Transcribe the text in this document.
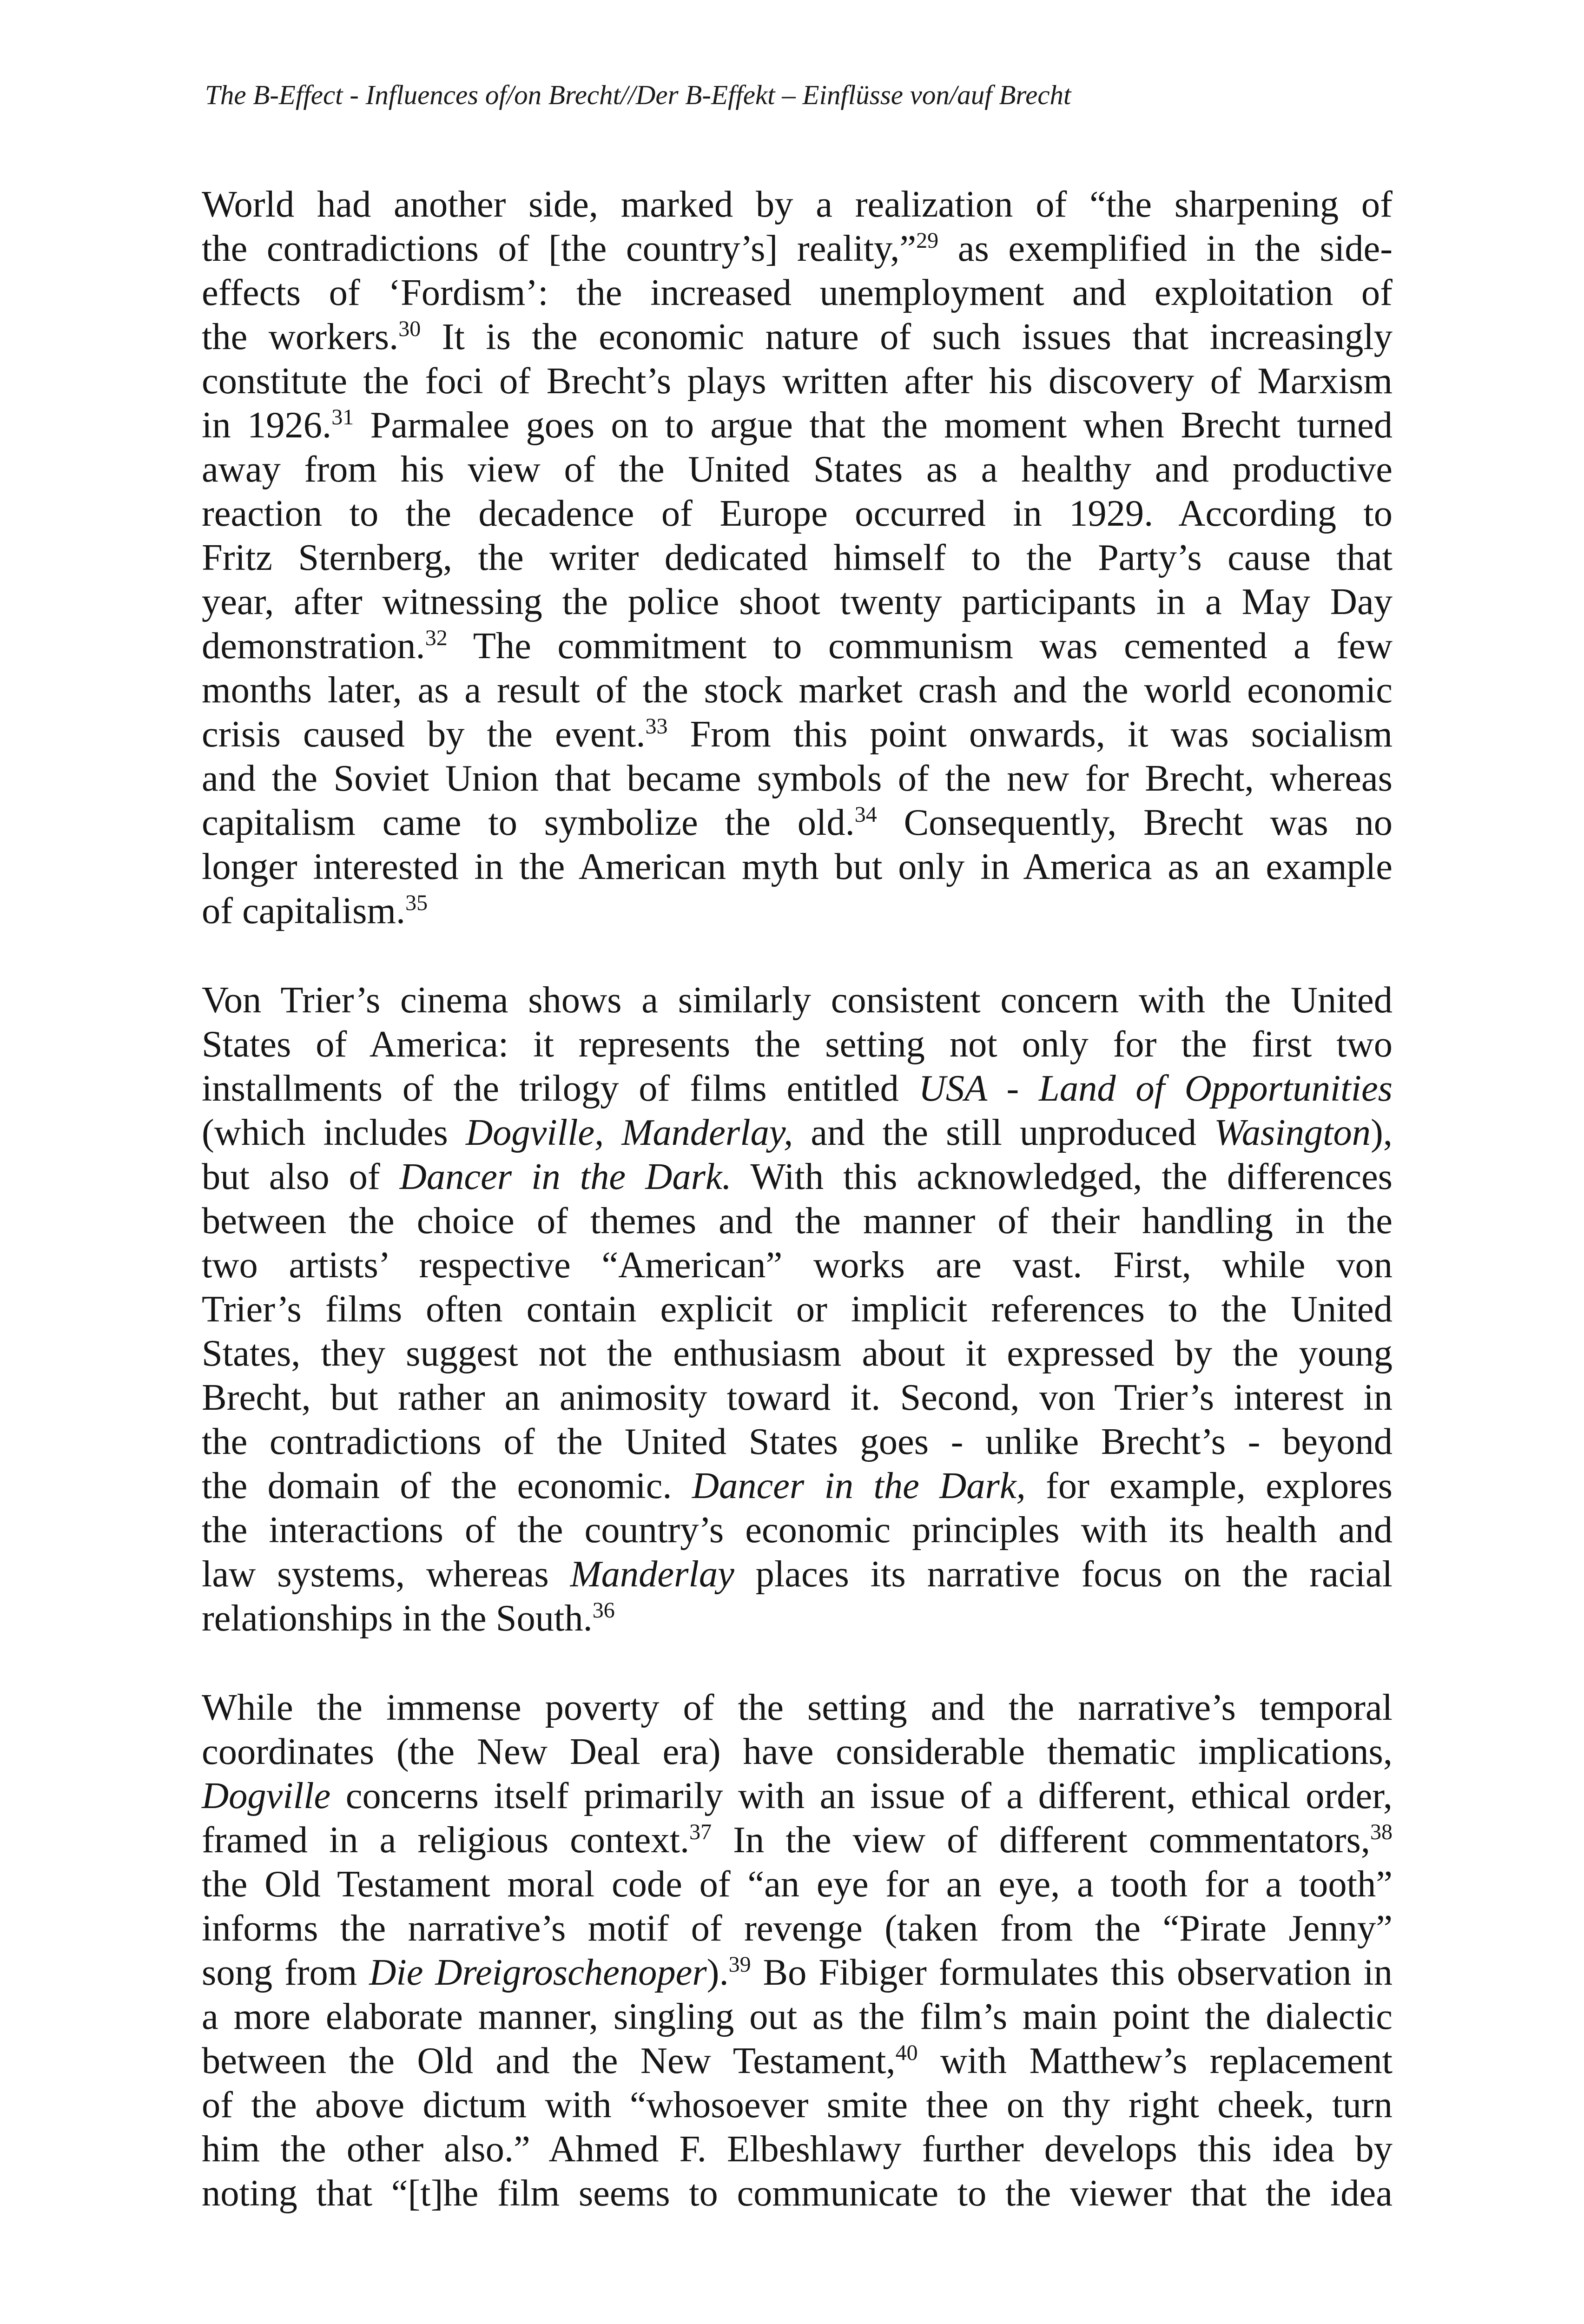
The B-Effect - Influences of/on Brecht//Der B-Effekt – Einflüsse von/auf Brecht

World had another side, marked by a realization of “the sharpening of
the contradictions of [the country’s] reality,”$^{29}$ as exemplified in the side-
effects of ‘Fordism’: the increased unemployment and exploitation of
the workers.$^{30}$ It is the economic nature of such issues that increasingly
constitute the foci of Brecht’s plays written after his discovery of Marxism
in 1926.31 Parmalee goes on to argue that the moment when Brecht turned
away from his view of the United States as a healthy and productive
reaction to the decadence of Europe occurred in 1929. According to
Fritz Sternberg, the writer dedicated himself to the Party’s cause that
year, after witnessing the police shoot twenty participants in a May Day
demonstration.$^{32}$ The commitment to communism was cemented a few
months later, as a result of the stock market crash and the world economic
crisis caused by the event.$^{33}$ From this point onwards, it was socialism
and the Soviet Union that became symbols of the new for Brecht, whereas
capitalism came to symbolize the old.$^{34}$ Consequently, Brecht was no
longer interested in the American myth but only in America as an example
of capitalism.$^{35}$

Von Trier’s cinema shows a similarly consistent concern with the United
States of America: it represents the setting not only for the first two
installments of the trilogy of films entitled USA - Land of Opportunities
(which includes Dogville, Manderlay, and the still unproduced Wasington),
but also of Dancer in the Dark. With this acknowledged, the differences
between the choice of themes and the manner of their handling in the
two artists’ respective “American” works are vast. First, while von
Trier’s films often contain explicit or implicit references to the United
States, they suggest not the enthusiasm about it expressed by the young
Brecht, but rather an animosity toward it. Second, von Trier’s interest in
the contradictions of the United States goes - unlike Brecht’s - beyond
the domain of the economic. Dancer in the Dark, for example, explores
the interactions of the country’s economic principles with its health and
law systems, whereas Manderlay places its narrative focus on the racial
relationships in the South.$^{36}$

While the immense poverty of the setting and the narrative’s temporal
coordinates (the New Deal era) have considerable thematic implications,
Dogville concerns itself primarily with an issue of a different, ethical order,
framed in a religious context.$^{37}$ In the view of different commentators,$^{38}$
the Old Testament moral code of “an eye for an eye, a tooth for a tooth”
informs the narrative’s motif of revenge (taken from the “Pirate Jenny”
song from Die Dreigroschenoper).$^{39}$ Bo Fibiger formulates this observation in
a more elaborate manner, singling out as the film’s main point the dialectic
between the Old and the New Testament,$^{40}$ with Matthew’s replacement
of the above dictum with “whosoever smite thee on thy right cheek, turn
him the other also.” Ahmed F. Elbeshlawy further develops this idea by
noting that “[t]he film seems to communicate to the viewer that the idea
